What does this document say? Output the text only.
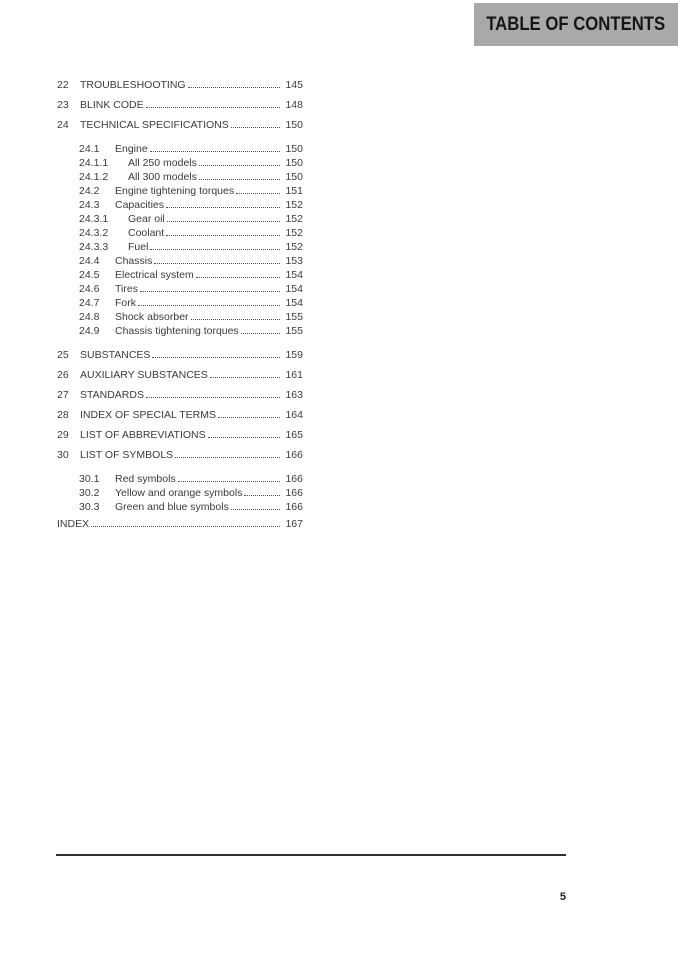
TABLE OF CONTENTS
22	TROUBLESHOOTING	145
23	BLINK CODE	148
24	TECHNICAL SPECIFICATIONS	150
24.1	Engine	150
24.1.1	All 250 models	150
24.1.2	All 300 models	150
24.2	Engine tightening torques	151
24.3	Capacities	152
24.3.1	Gear oil	152
24.3.2	Coolant	152
24.3.3	Fuel	152
24.4	Chassis	153
24.5	Electrical system	154
24.6	Tires	154
24.7	Fork	154
24.8	Shock absorber	155
24.9	Chassis tightening torques	155
25	SUBSTANCES	159
26	AUXILIARY SUBSTANCES	161
27	STANDARDS	163
28	INDEX OF SPECIAL TERMS	164
29	LIST OF ABBREVIATIONS	165
30	LIST OF SYMBOLS	166
30.1	Red symbols	166
30.2	Yellow and orange symbols	166
30.3	Green and blue symbols	166
INDEX	167
5
